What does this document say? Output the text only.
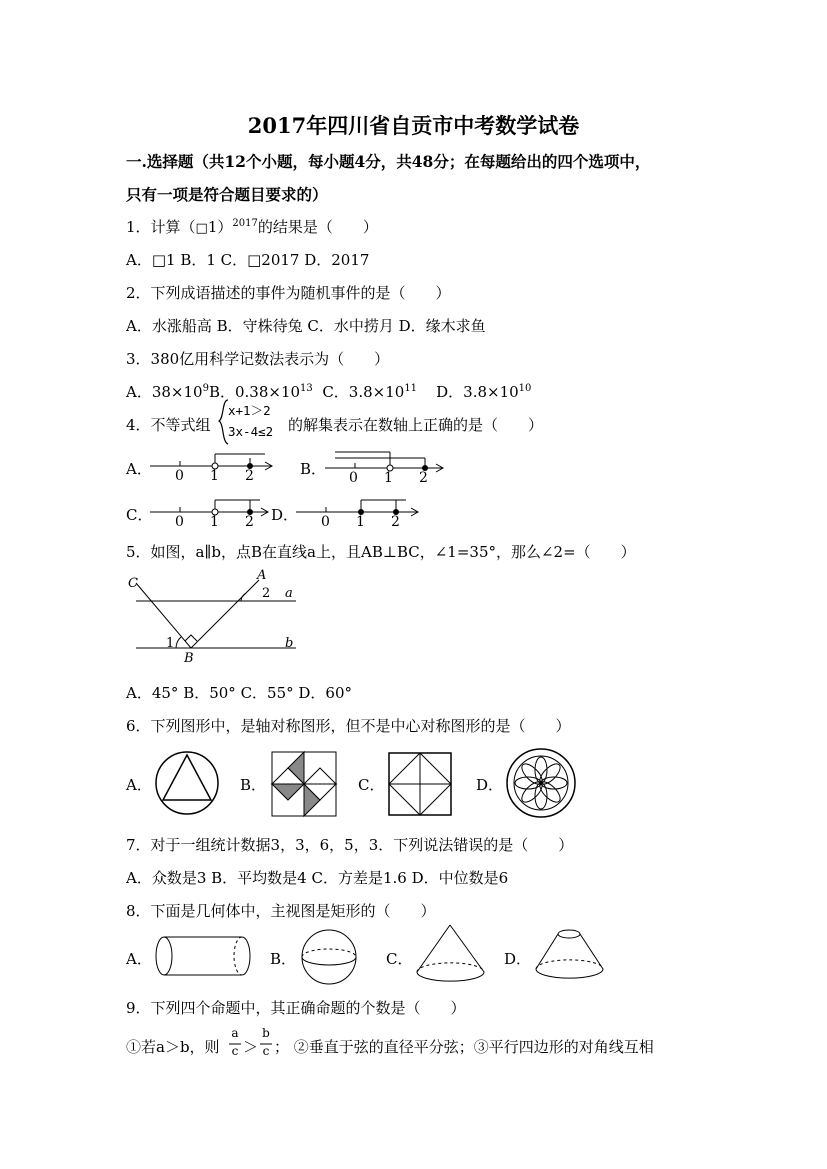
2017年四川省自贡市中考数学试卷
一.选择题（共12个小题，每小题4分，共48分；在每题给出的四个选项中，
只有一项是符合题目要求的）
1．计算（□1）$^{2017}$的结果是（　　）
A．□1 B．1 C．□2017 D．2017
2．下列成语描述的事件为随机事件的是（　　）
A．水涨船高 B．守株待兔 C．水中捞月 D．缘木求鱼
3．380亿用科学记数法表示为（　　）
A．$38\times 10^9B$．$0.38\times 10^{13}$ C．$3.8\times 10^{11}$ D．$3.8\times 10^{10}$
4．不等式组
x+1＞2
3x-4≤2 的解集表示在数轴上正确的是（　　）
A． 0 1 2	B． 0 1 2
C． 0 1 2 D． 0 1 2
5．如图，a∥b，点B在直线a上，且AB⊥BC，∠1=35°，那么∠2=（　　）
C
A
2 a
1
B
b
A．45° B．50° C．55° D．60°
6．下列图形中，是轴对称图形，但不是中心对称图形的是（　　）
A．	B．	C．	D．
7．对于一组统计数据3，3，6，5，3．下列说法错误的是（　　）
A．众数是3 B．平均数是4 C．方差是1.6 D．中位数是6
8．下面是几何体中，主视图是矩形的（　　）
A．	B．	C．	D．
9．下列四个命题中，其正确命题的个数是（　　）
①若a＞b，则
a
c ＞
b
c ； ②垂直于弦的直径平分弦；③平行四边形的对角线互相
